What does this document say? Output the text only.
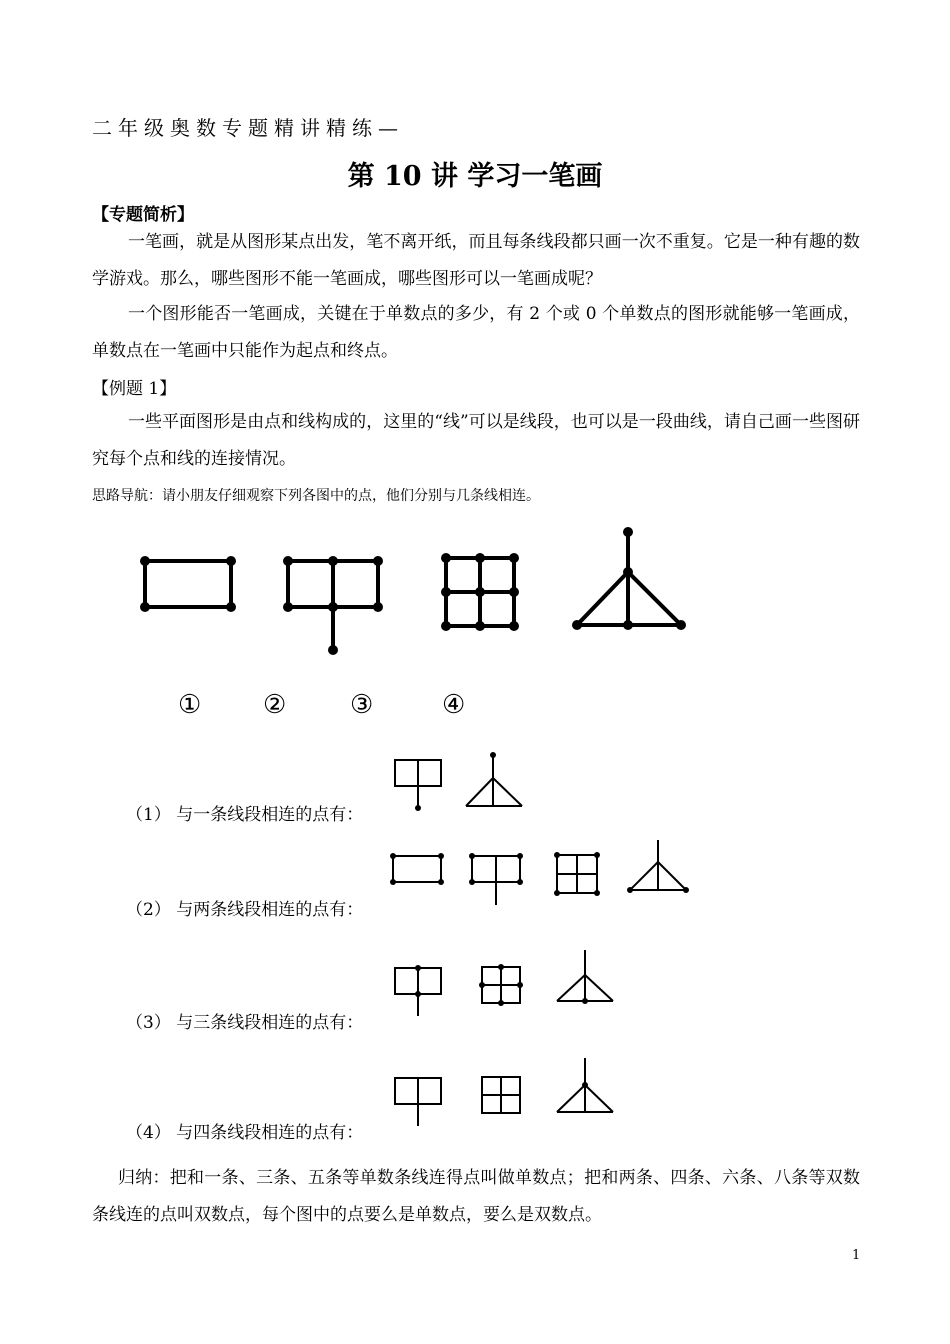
二年级奥数专题精讲精练—
第 10 讲 学习一笔画
【专题简析】
一笔画，就是从图形某点出发，笔不离开纸，而且每条线段都只画一次不重复。它是一种有趣的数学游戏。那么，哪些图形不能一笔画成，哪些图形可以一笔画成呢？
一个图形能否一笔画成，关键在于单数点的多少，有 2 个或 0 个单数点的图形就能够一笔画成，单数点在一笔画中只能作为起点和终点。
【例题 1】
一些平面图形是由点和线构成的，这里的“线”可以是线段，也可以是一段曲线，请自己画一些图研究每个点和线的连接情况。
思路导航：请小朋友仔细观察下列各图中的点，他们分别与几条线相连。
① ② ③	④
（1） 与一条线段相连的点有：
（2） 与两条线段相连的点有：
（3） 与三条线段相连的点有：
（4） 与四条线段相连的点有：
归纳：把和一条、三条、五条等单数条线连得点叫做单数点；把和两条、四条、六条、八条等双数条线连的点叫双数点，每个图中的点要么是单数点，要么是双数点。
1
